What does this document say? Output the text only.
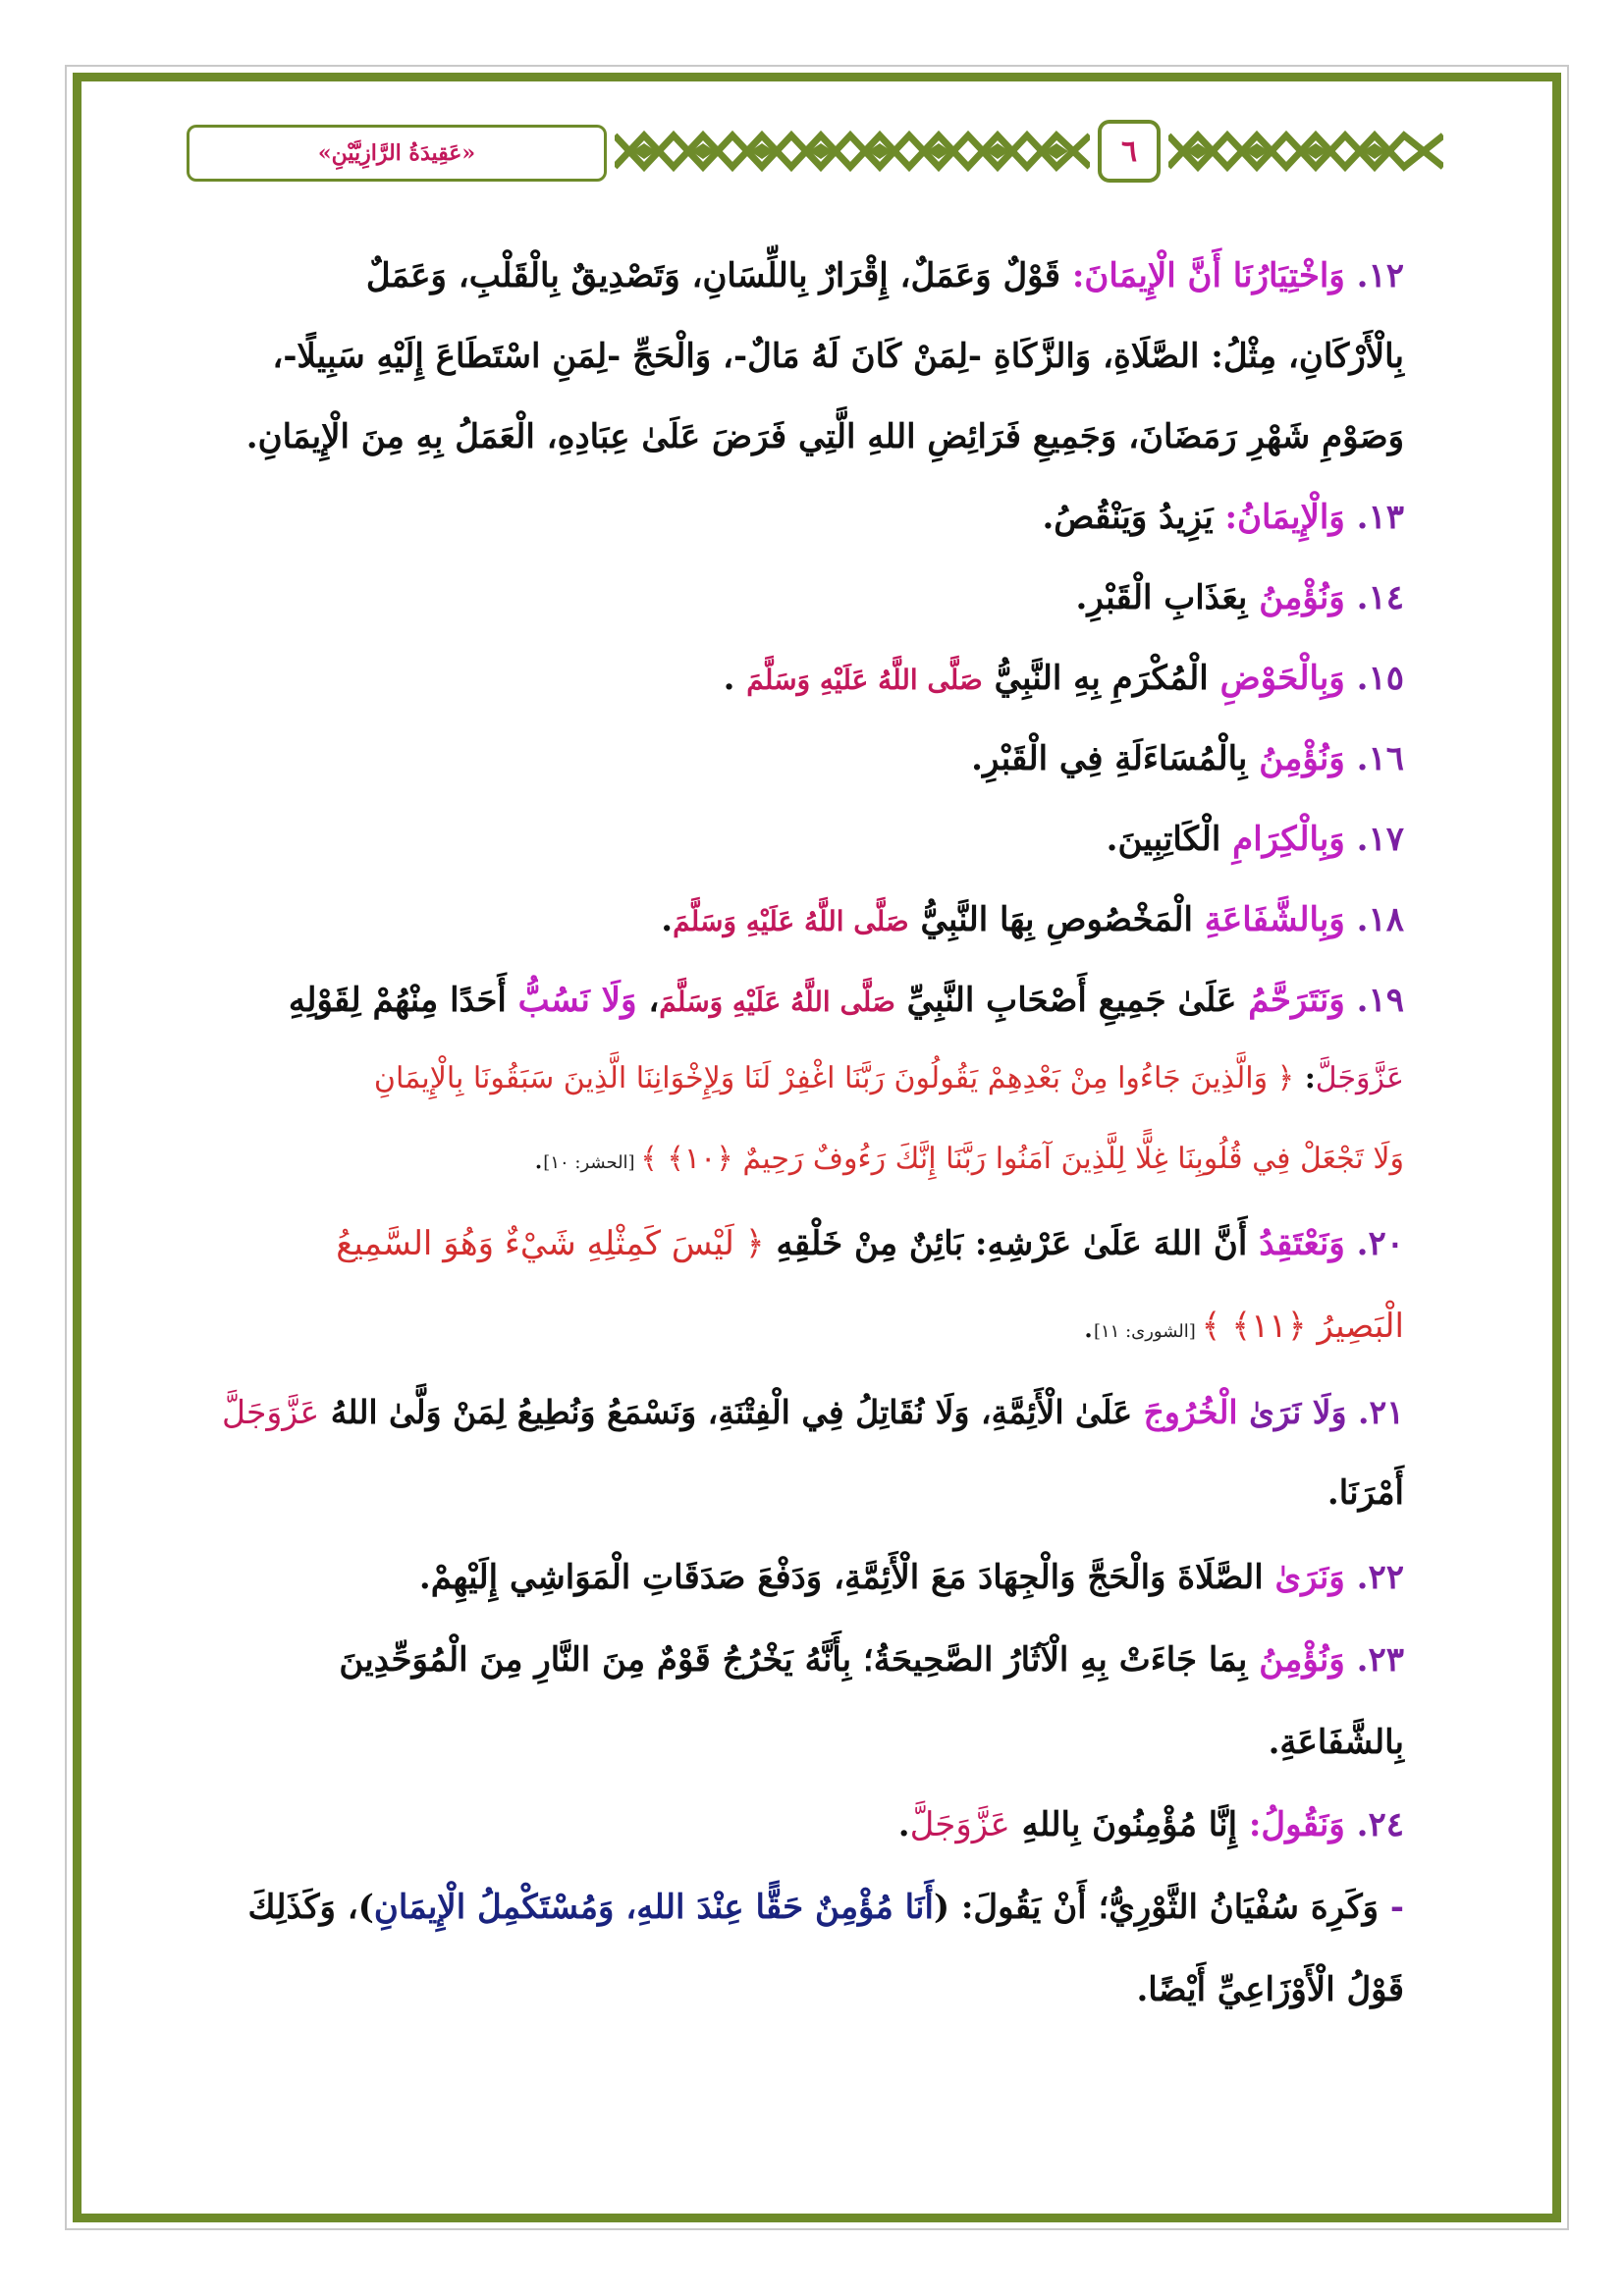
«عَقِيدَةُ الرَّازِيَّيْنِ»	٦
١٢. وَاخْتِيَارُنَا أَنَّ الْإِيمَانَ: قَوْلٌ وَعَمَلٌ، إِقْرَارٌ بِاللِّسَانِ، وَتَصْدِيقٌ بِالْقَلْبِ، وَعَمَلٌ
بِالْأَرْكَانِ، مِثْلُ: الصَّلَاةِ، وَالزَّكَاةِ -لِمَنْ كَانَ لَهُ مَالٌ-، وَالْحَجِّ -لِمَنِ اسْتَطَاعَ إِلَيْهِ سَبِيلًا-،
وَصَوْمِ شَهْرِ رَمَضَانَ، وَجَمِيعِ فَرَائِضِ اللهِ الَّتِي فَرَضَ عَلَىٰ عِبَادِهِ، الْعَمَلُ بِهِ مِنَ الْإِيمَانِ.
١٣. وَالْإِيمَانُ: يَزِيدُ وَيَنْقُصُ.
١٤. وَنُؤْمِنُ بِعَذَابِ الْقَبْرِ.
١٥. وَبِالْحَوْضِ الْمُكْرَمِ بِهِ النَّبِيُّ صَلَّى اللَّهُ عَلَيْهِ وَسَلَّمَ .
١٦. وَنُؤْمِنُ بِالْمُسَاءَلَةِ فِي الْقَبْرِ.
١٧. وَبِالْكِرَامِ الْكَاتِبِينَ.
١٨. وَبِالشَّفَاعَةِ الْمَخْصُوصِ بِهَا النَّبِيُّ صَلَّى اللَّهُ عَلَيْهِ وَسَلَّمَ.
١٩. وَنَتَرَحَّمُ عَلَىٰ جَمِيعِ أَصْحَابِ النَّبِيِّ صَلَّى اللَّهُ عَلَيْهِ وَسَلَّمَ، وَلَا نَسُبُّ أَحَدًا مِنْهُمْ لِقَوْلِهِ
عَزَّوَجَلَّ: ﴿ وَالَّذِينَ جَاءُوا مِنْ بَعْدِهِمْ يَقُولُونَ رَبَّنَا اغْفِرْ لَنَا وَلِإِخْوَانِنَا الَّذِينَ سَبَقُونَا بِالْإِيمَانِ
وَلَا تَجْعَلْ فِي قُلُوبِنَا غِلًّا لِلَّذِينَ آمَنُوا رَبَّنَا إِنَّكَ رَءُوفٌ رَحِيمٌ ﴿١٠﴾ ﴾ [الحشر: ١٠].
٢٠. وَنَعْتَقِدُ أَنَّ اللهَ عَلَىٰ عَرْشِهِ: بَائِنٌ مِنْ خَلْقِهِ ﴿ لَيْسَ كَمِثْلِهِ شَيْءٌ وَهُوَ السَّمِيعُ
الْبَصِيرُ ﴿١١﴾ ﴾ [الشورى: ١١].
٢١. وَلَا نَرَىٰ الْخُرُوجَ عَلَىٰ الْأَئِمَّةِ، وَلَا نُقَاتِلُ فِي الْفِتْنَةِ، وَنَسْمَعُ وَنُطِيعُ لِمَنْ وَلَّىٰ اللهُ عَزَّوَجَلَّ
أَمْرَنَا.
٢٢. وَنَرَىٰ الصَّلَاةَ وَالْحَجَّ وَالْجِهَادَ مَعَ الْأَئِمَّةِ، وَدَفْعَ صَدَقَاتِ الْمَوَاشِي إِلَيْهِمْ.
٢٣. وَنُؤْمِنُ بِمَا جَاءَتْ بِهِ الْآثَارُ الصَّحِيحَةُ؛ بِأَنَّهُ يَخْرُجُ قَوْمٌ مِنَ النَّارِ مِنَ الْمُوَحِّدِينَ
بِالشَّفَاعَةِ.
٢٤. وَنَقُولُ: إِنَّا مُؤْمِنُونَ بِاللهِ عَزَّوَجَلَّ.
- وَكَرِهَ سُفْيَانُ الثَّوْرِيُّ؛ أَنْ يَقُولَ: (أَنَا مُؤْمِنٌ حَقًّا عِنْدَ اللهِ، وَمُسْتَكْمِلُ الْإِيمَانِ)، وَكَذَلِكَ
قَوْلُ الْأَوْزَاعِيِّ أَيْضًا.
